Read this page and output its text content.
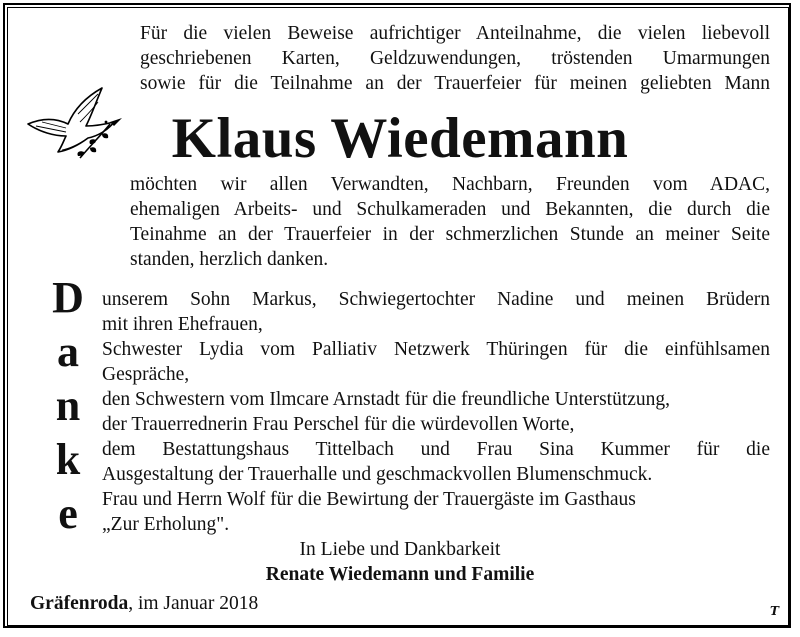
Für die vielen Beweise aufrichtiger Anteilnahme, die vielen liebevoll
geschriebenen Karten, Geldzuwendungen, tröstenden Umarmungen
sowie für die Teilnahme an der Trauerfeier für meinen geliebten Mann
Klaus Wiedemann
möchten wir allen Verwandten, Nachbarn, Freunden vom ADAC,
ehemaligen Arbeits- und Schulkameraden und Bekannten, die durch die
Teinahme an der Trauerfeier in der schmerzlichen Stunde an meiner Seite
standen, herzlich danken.
D
a
n
k
e
unserem Sohn Markus, Schwiegertochter Nadine und meinen Brüdern
mit ihren Ehefrauen,
Schwester Lydia vom Palliativ Netzwerk Thüringen für die einfühlsamen
Gespräche,
den Schwestern vom Ilmcare Arnstadt für die freundliche Unterstützung,
der Trauerrednerin Frau Perschel für die würdevollen Worte,
dem Bestattungshaus Tittelbach und Frau Sina Kummer für die
Ausgestaltung der Trauerhalle und geschmackvollen Blumenschmuck.
Frau und Herrn Wolf für die Bewirtung der Trauergäste im Gasthaus
„Zur Erholung".
In Liebe und Dankbarkeit
Renate Wiedemann und Familie
Gräfenroda, im Januar 2018	T
